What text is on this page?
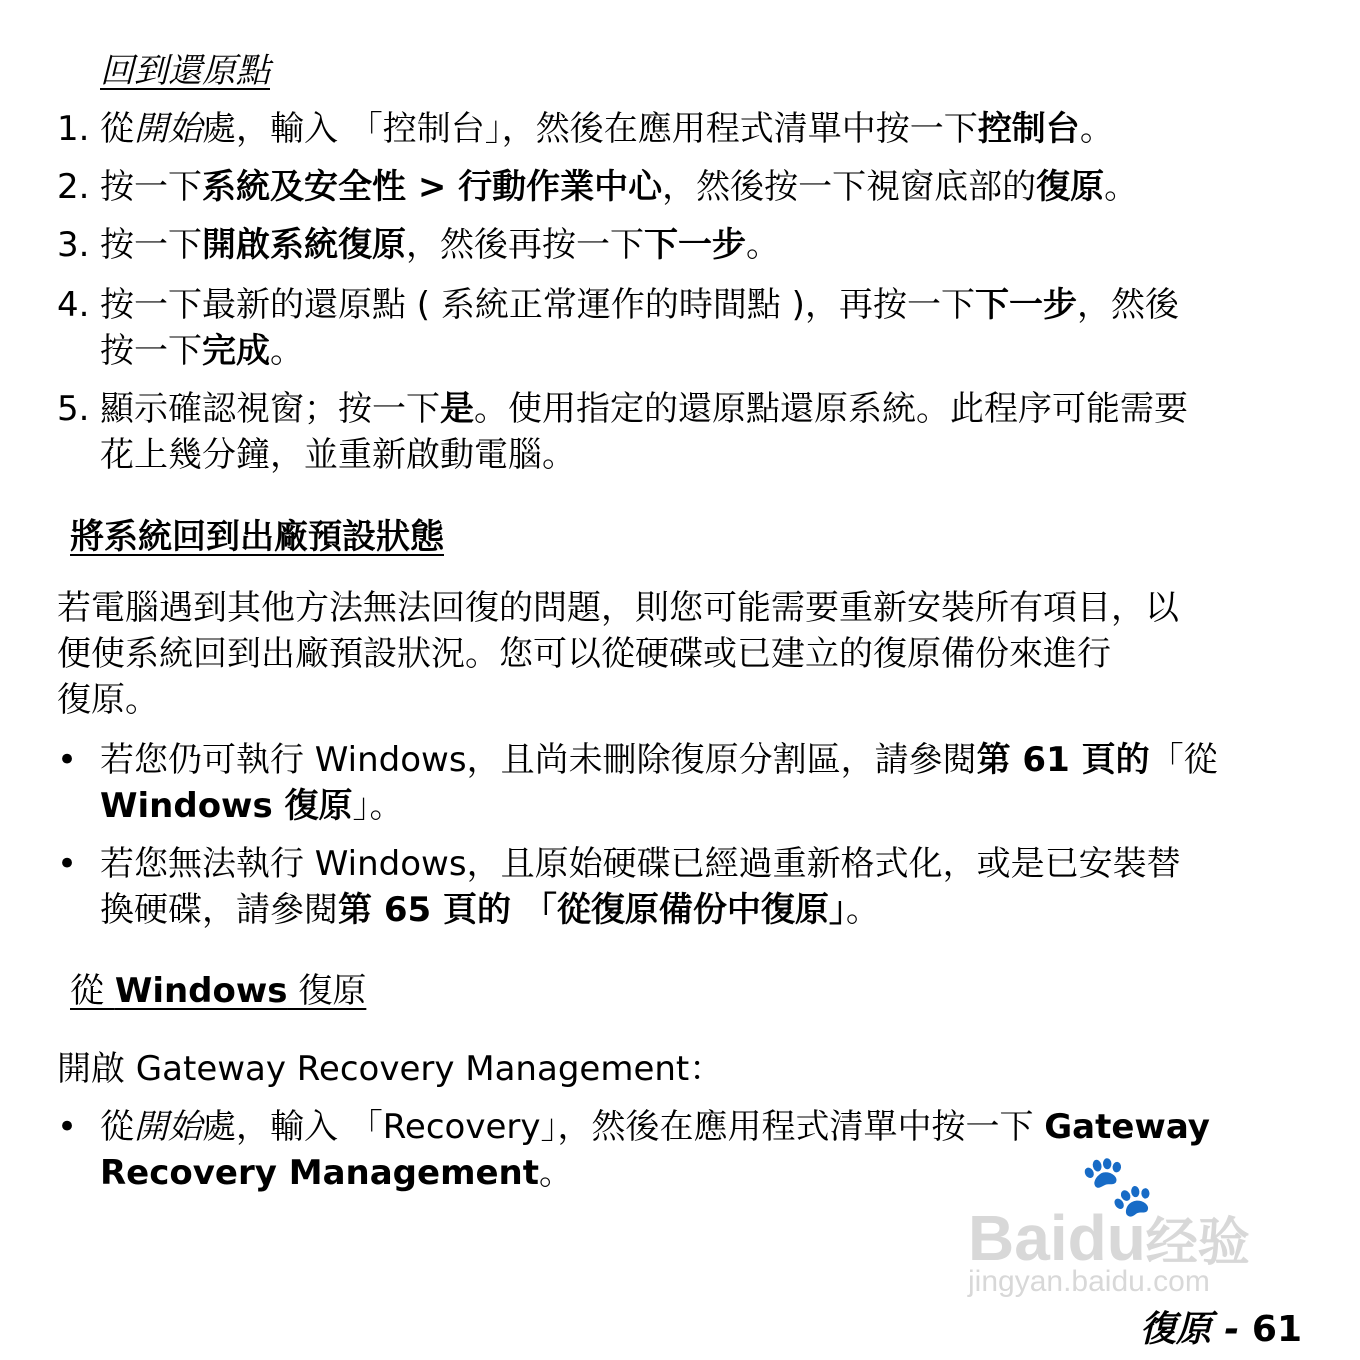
回到還原點
1. 從開始處，輸入 「控制台」，然後在應用程式清單中按一下控制台。
2. 按一下系統及安全性 > 行動作業中心，然後按一下視窗底部的復原。
3. 按一下開啟系統復原，然後再按一下下一步。
4. 按一下最新的還原點 ( 系統正常運作的時間點 )，再按一下下一步，然後
按一下完成。
5. 顯示確認視窗；按一下是。使用指定的還原點還原系統。此程序可能需要
花上幾分鐘，並重新啟動電腦。
將系統回到出廠預設狀態
若電腦遇到其他方法無法回復的問題，則您可能需要重新安裝所有項目，以
便使系統回到出廠預設狀況。您可以從硬碟或已建立的復原備份來進行
復原。
• 若您仍可執行 Windows，且尚未刪除復原分割區，請參閱第 61 頁的「從
Windows 復原」。
• 若您無法執行 Windows，且原始硬碟已經過重新格式化，或是已安裝替
換硬碟，請參閱第 65 頁的 「從復原備份中復原」。
從 Windows 復原
開啟 Gateway Recovery Management：
• 從開始處，輸入 「Recovery」，然後在應用程式清單中按一下 Gateway
Recovery Management。	🐾
Baidu经验
jingyan.baidu.com
復原 - 61
